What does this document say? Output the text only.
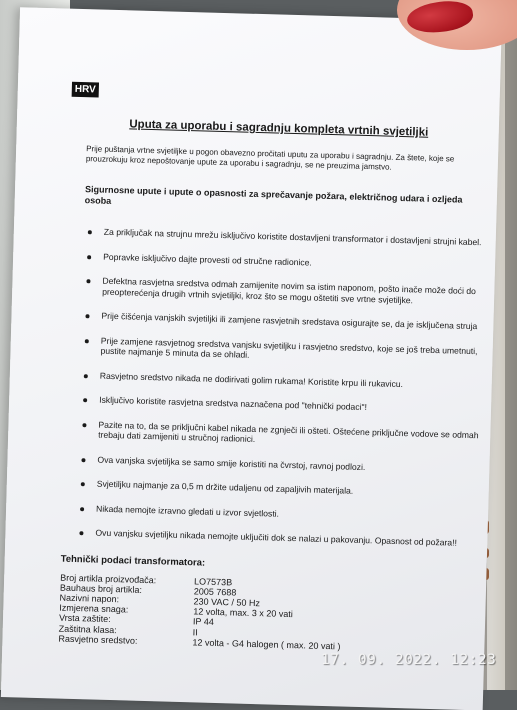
HRV
Uputa za uporabu i sagradnju kompleta vrtnih svjetiljki
Prije puštanja vrtne svjetiljke u pogon obavezno pročitati uputu za uporabu i sagradnju. Za štete, koje se prouzrokuju kroz nepoštovanje upute za uporabu i sagradnju, se ne preuzima jamstvo.
Sigurnosne upute i upute o opasnosti za sprečavanje požara, električnog udara i ozljeda osoba
Za priključak na strujnu mrežu isključivo koristite dostavljeni transformator i dostavljeni strujni kabel.
Popravke isključivo dajte provesti od stručne radionice.
Defektna rasvjetna sredstva odmah zamijenite novim sa istim naponom, pošto inače može doći do preopterećenja drugih vrtnih svjetiljki, kroz što se mogu oštetiti sve vrtne svjetiljke.
Prije čišćenja vanjskih svjetiljki ili zamjene rasvjetnih sredstava osigurajte se, da je isključena struja
Prije zamjene rasvjetnog sredstva vanjsku svjetiljku i rasvjetno sredstvo, koje se još treba umetnuti, pustite najmanje 5 minuta da se ohladi.
Rasvjetno sredstvo nikada ne dodirivati golim rukama! Koristite krpu ili rukavicu.
Isključivo koristite rasvjetna sredstva naznačena pod "tehnički podaci"!
Pazite na to, da se priključni kabel nikada ne zgnječi ili ošteti. Oštećene priključne vodove se odmah trebaju dati zamijeniti u stručnoj radionici.
Ova vanjska svjetiljka se samo smije koristiti na čvrstoj, ravnoj podlozi.
Svjetiljku najmanje za 0,5 m držite udaljenu od zapaljivih materijala.
Nikada nemojte izravno gledati u izvor svjetlosti.
Ovu vanjsku svjetiljku nikada nemojte uključiti dok se nalazi u pakovanju. Opasnost od požara!!
Tehnički podaci transformatora:
Broj artikla proizvođača:	LO7573B
Bauhaus broj artikla:	2005 7688
Nazivni napon:	230 VAC / 50 Hz
Izmjerena snaga:	12 volta, max. 3 x 20 vati
Vrsta zaštite:	IP 44
Zaštitna klasa:	II
Rasvjetno sredstvo:	12 volta - G4 halogen ( max. 20 vati )
17. 09. 2022. 12:23
